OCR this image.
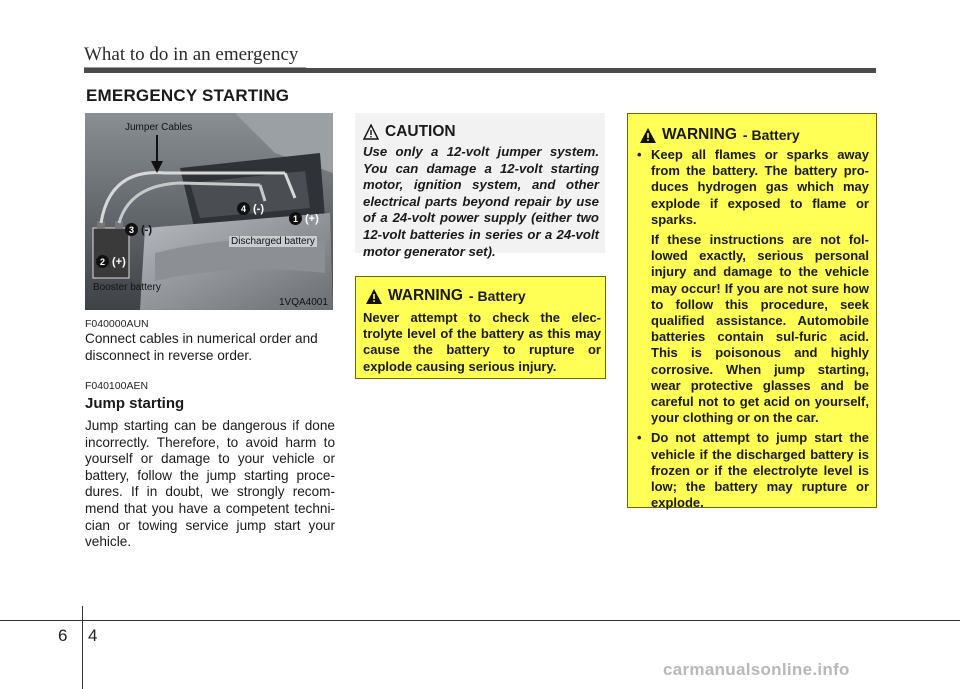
What to do in an emergency
EMERGENCY STARTING
Jumper Cables
Discharged battery
Booster battery
1VQA4001
1 (+)
4 (-)
3 (-)
2 (+)
F040000AUN
Connect cables in numerical order and disconnect in reverse order.
F040100AEN
Jump starting
Jump starting can be dangerous if done incorrectly. Therefore, to avoid harm to yourself or damage to your vehicle or battery, follow the jump starting proce-dures. If in doubt, we strongly recom-mend that you have a competent techni-cian or towing service jump start your vehicle.
CAUTION
Use only a 12-volt jumper system. You can damage a 12-volt starting motor, ignition system, and other electrical parts beyond repair by use of a 24-volt power supply (either two 12-volt batteries in series or a 24-volt motor generator set).
WARNING - Battery
Never attempt to check the elec-trolyte level of the battery as this may cause the battery to rupture or explode causing serious injury.
WARNING - Battery
• Keep all flames or sparks away from the battery. The battery pro-duces hydrogen gas which may explode if exposed to flame or sparks.
If these instructions are not fol-lowed exactly, serious personal injury and damage to the vehicle may occur! If you are not sure how to follow this procedure, seek qualified assistance. Automobile batteries contain sul-furic acid. This is poisonous and highly corrosive. When jump starting, wear protective glasses and be careful not to get acid on yourself, your clothing or on the car.
• Do not attempt to jump start the vehicle if the discharged battery is frozen or if the electrolyte level is low; the battery may rupture or explode.
6 4
carmanualsonline.info
